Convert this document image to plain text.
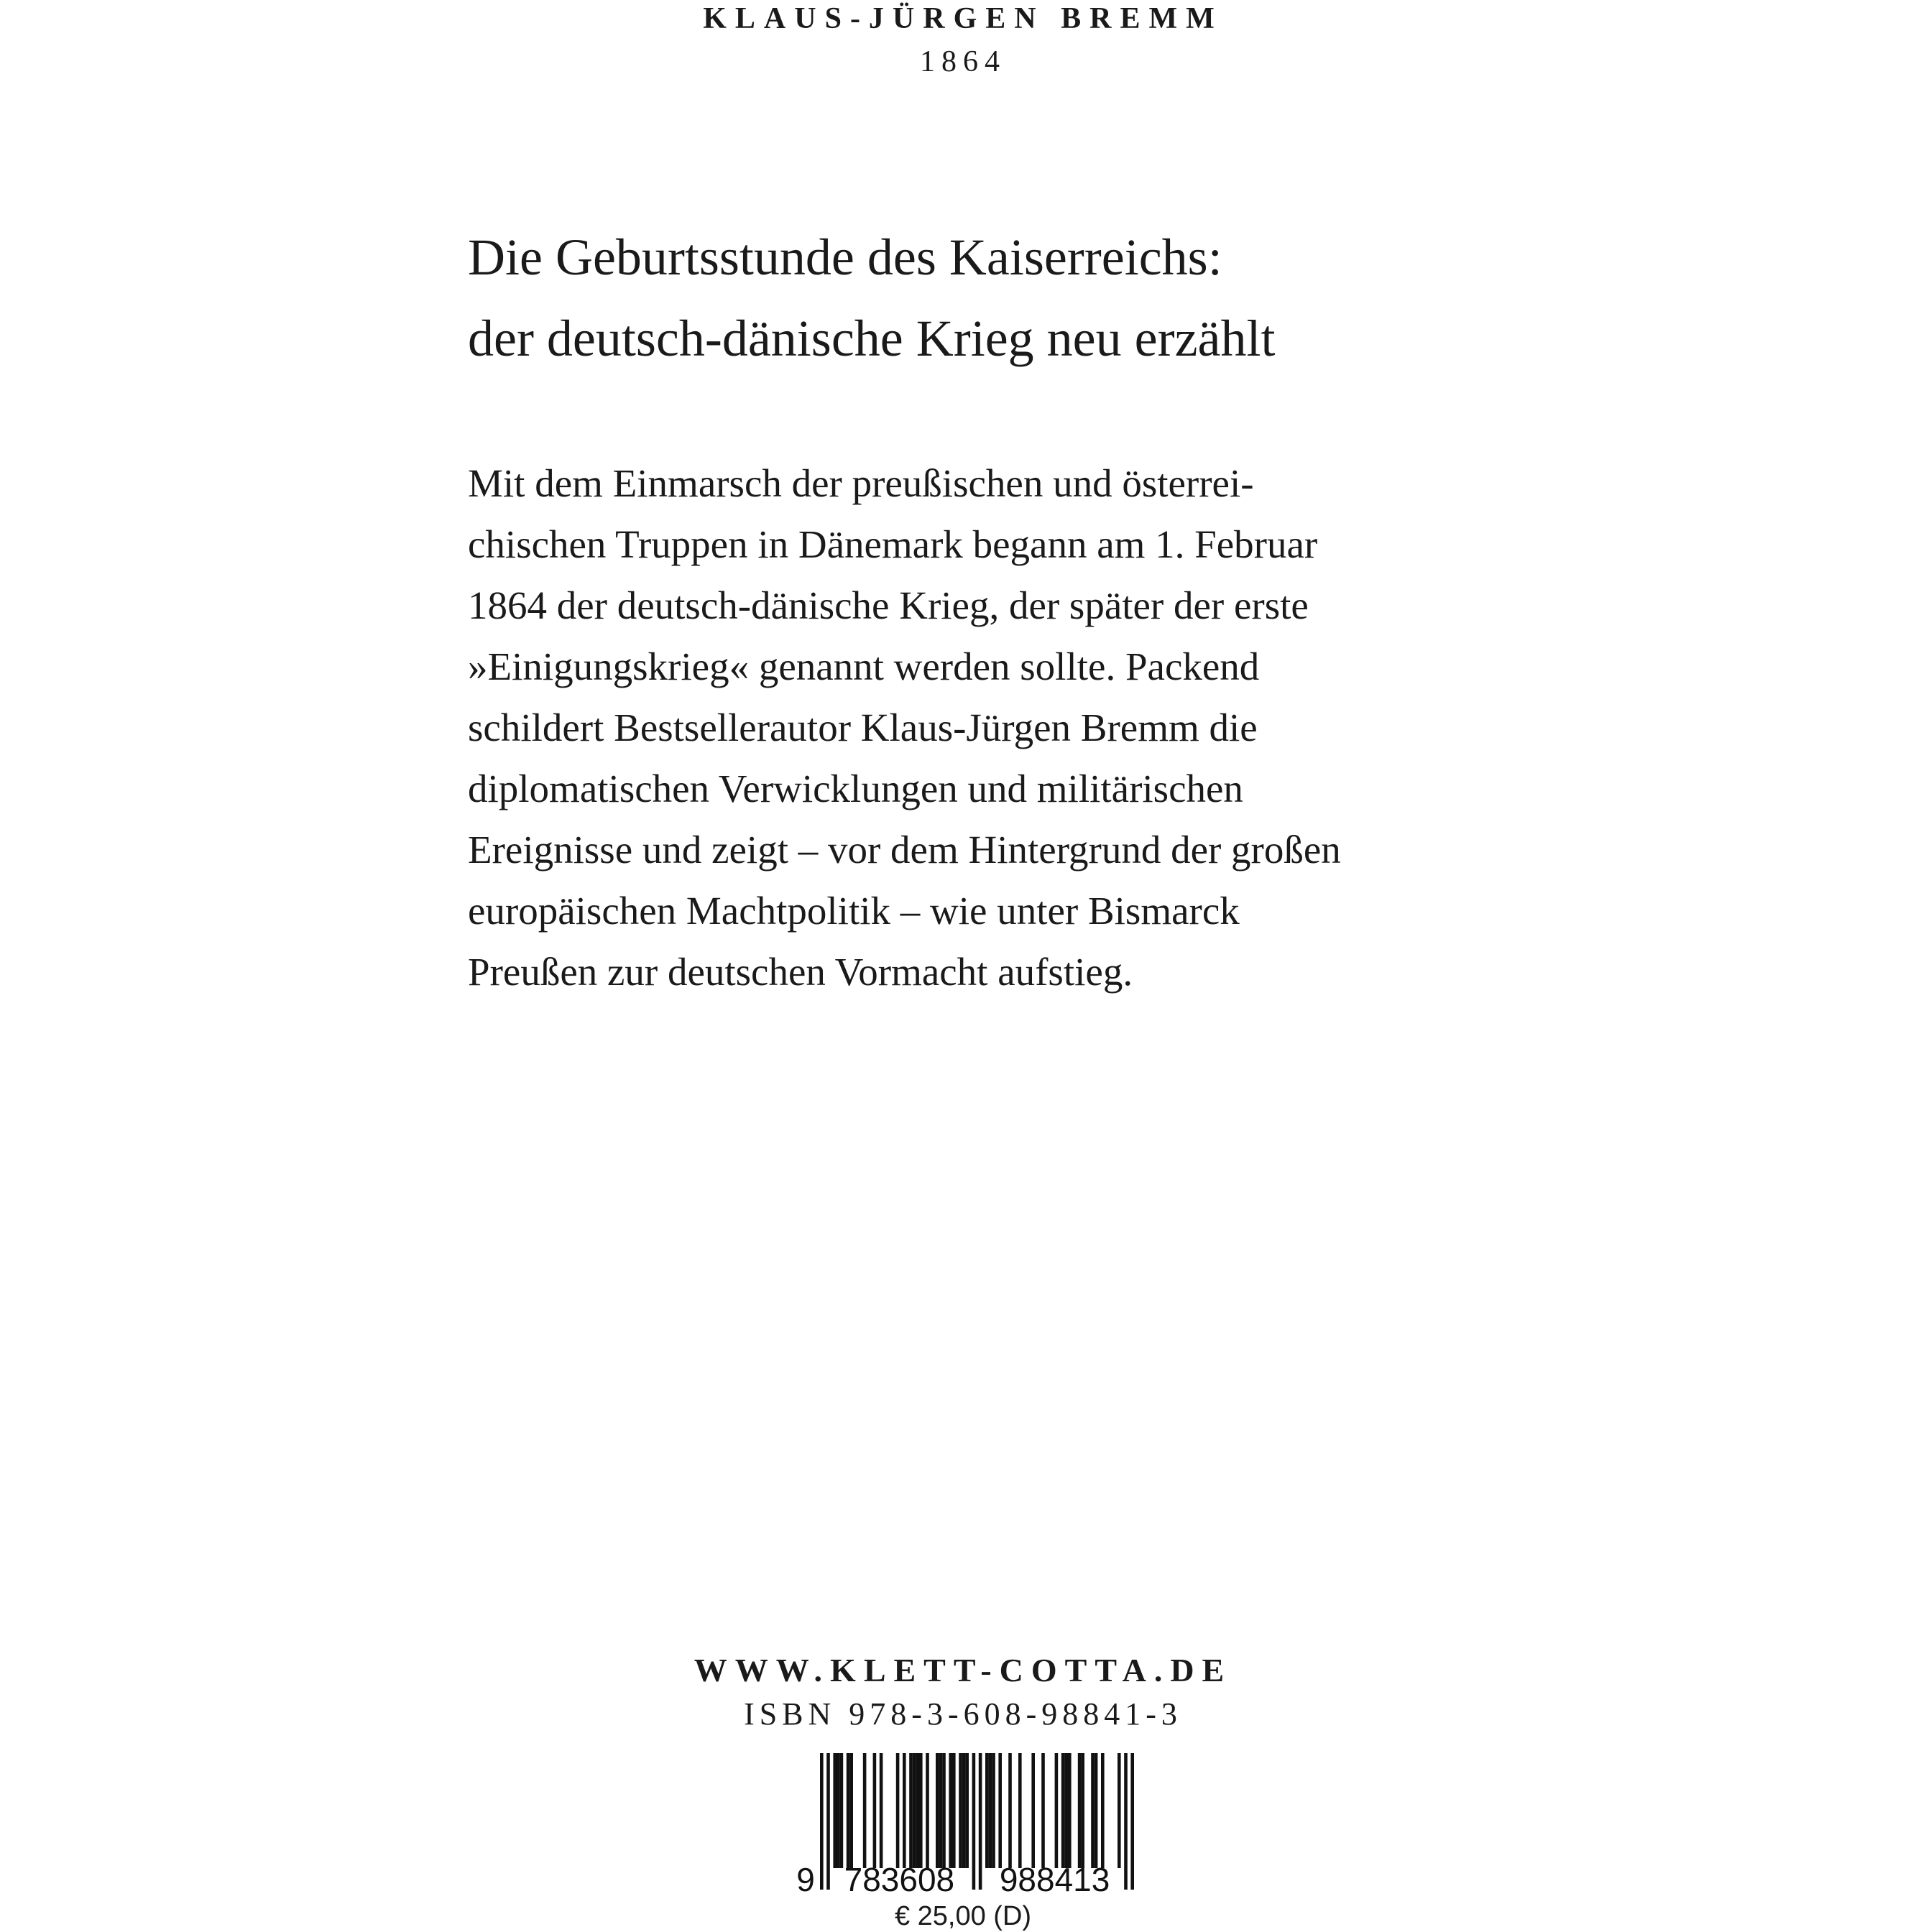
KLAUS-JÜRGEN BREMM
1864
Die Geburtsstunde des Kaiserreichs:
der deutsch-dänische Krieg neu erzählt
Mit dem Einmarsch der preußischen und österrei-
chischen Truppen in Dänemark begann am 1. Februar
1864 der deutsch-dänische Krieg, der später der erste
»Einigungskrieg« genannt werden sollte. Packend
schildert Bestsellerautor Klaus-Jürgen Bremm die
diplomatischen Verwicklungen und militärischen
Ereignisse und zeigt – vor dem Hintergrund der großen
europäischen Machtpolitik – wie unter Bismarck
Preußen zur deutschen Vormacht aufstieg.
WWW.KLETT-COTTA.DE
ISBN 978-3-608-98841-3
9 783608 988413
€ 25,00 (D)
